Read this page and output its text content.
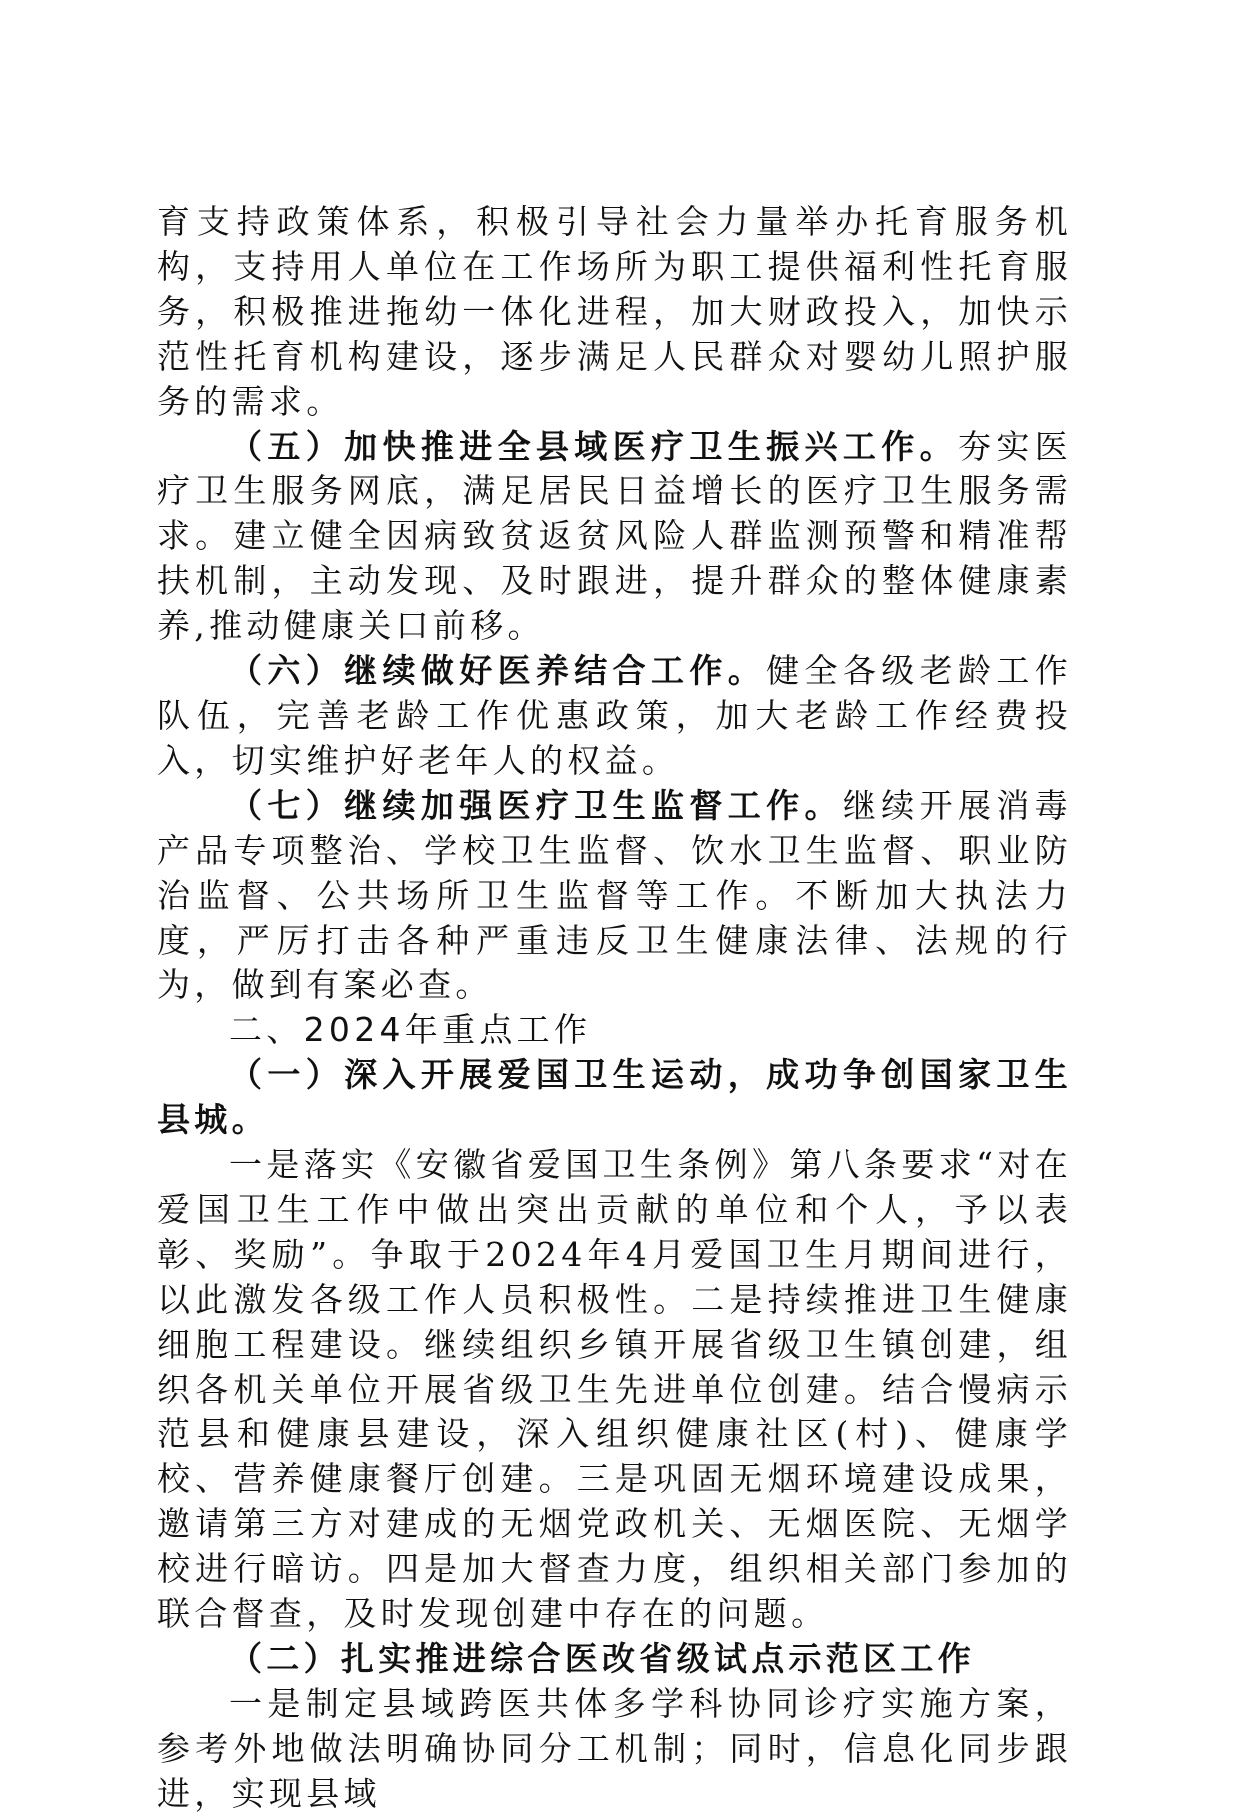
育支持政策体系，积极引导社会力量举办托育服务机构，支持用人单位在工作场所为职工提供福利性托育服务，积极推进拖幼一体化进程，加大财政投入，加快示范性托育机构建设，逐步满足人民群众对婴幼儿照护服务的需求。

（五）加快推进全县域医疗卫生振兴工作。夯实医疗卫生服务网底，满足居民日益增长的医疗卫生服务需求。建立健全因病致贫返贫风险人群监测预警和精准帮扶机制，主动发现、及时跟进，提升群众的整体健康素养,推动健康关口前移。

（六）继续做好医养结合工作。健全各级老龄工作队伍，完善老龄工作优惠政策，加大老龄工作经费投入，切实维护好老年人的权益。

（七）继续加强医疗卫生监督工作。继续开展消毒产品专项整治、学校卫生监督、饮水卫生监督、职业防治监督、公共场所卫生监督等工作。不断加大执法力度，严厉打击各种严重违反卫生健康法律、法规的行为，做到有案必查。

二、2024年重点工作

（一）深入开展爱国卫生运动，成功争创国家卫生县城。

一是落实《安徽省爱国卫生条例》第八条要求“对在爱国卫生工作中做出突出贡献的单位和个人，予以表彰、奖励”。争取于2024年4月爱国卫生月期间进行，以此激发各级工作人员积极性。二是持续推进卫生健康细胞工程建设。继续组织乡镇开展省级卫生镇创建，组织各机关单位开展省级卫生先进单位创建。结合慢病示范县和健康县建设，深入组织健康社区(村)、健康学校、营养健康餐厅创建。三是巩固无烟环境建设成果，邀请第三方对建成的无烟党政机关、无烟医院、无烟学校进行暗访。四是加大督查力度，组织相关部门参加的联合督查，及时发现创建中存在的问题。

（二）扎实推进综合医改省级试点示范区工作

一是制定县域跨医共体多学科协同诊疗实施方案，参考外地做法明确协同分工机制；同时，信息化同步跟进，实现县域
